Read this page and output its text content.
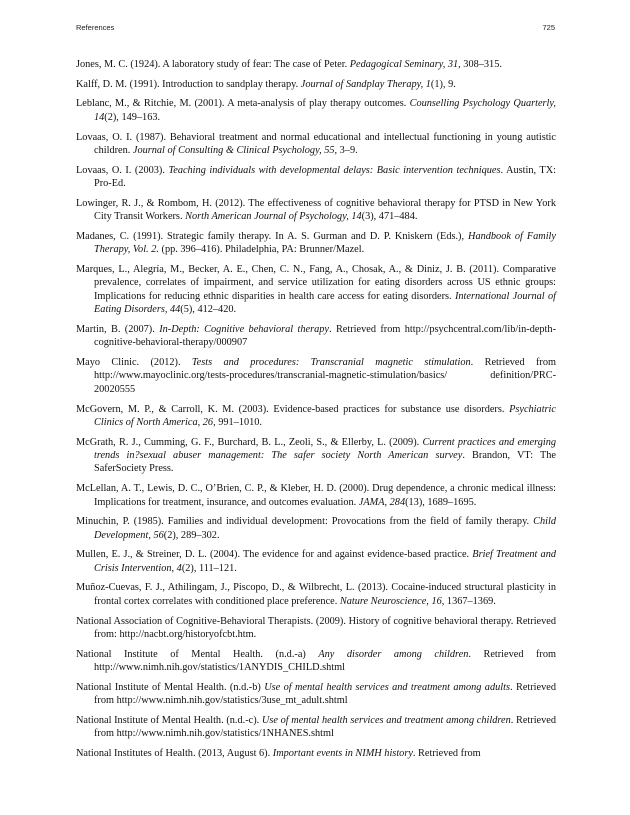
References	725

Jones, M. C. (1924). A laboratory study of fear: The case of Peter. Pedagogical Seminary, 31, 308–315.

Kalff, D. M. (1991). Introduction to sandplay therapy. Journal of Sandplay Therapy, 1(1), 9.

Leblanc, M., & Ritchie, M. (2001). A meta-analysis of play therapy outcomes. Counselling Psychology Quarterly, 14(2), 149–163.

Lovaas, O. I. (1987). Behavioral treatment and normal educational and intellectual functioning in young autistic children. Journal of Consulting & Clinical Psychology, 55, 3–9.

Lovaas, O. I. (2003). Teaching individuals with developmental delays: Basic intervention techniques. Austin, TX: Pro-Ed.

Lowinger, R. J., & Rombom, H. (2012). The effectiveness of cognitive behavioral therapy for PTSD in New York City Transit Workers. North American Journal of Psychology, 14(3), 471–484.

Madanes, C. (1991). Strategic family therapy. In A. S. Gurman and D. P. Kniskern (Eds.), Handbook of Family Therapy, Vol. 2. (pp. 396–416). Philadelphia, PA: Brunner/Mazel.

Marques, L., Alegría, M., Becker, A. E., Chen, C. N., Fang, A., Chosak, A., & Diniz, J. B. (2011). Comparative prevalence, correlates of impairment, and service utilization for eating disorders across US ethnic groups: Implications for reducing ethnic disparities in health care access for eating disorders. International Journal of Eating Disorders, 44(5), 412–420.

Martin, B. (2007). In-Depth: Cognitive behavioral therapy. Retrieved from http://psychcentral.com/lib/in-depth-cognitive-behavioral-therapy/000907

Mayo Clinic. (2012). Tests and procedures: Transcranial magnetic stimulation. Retrieved from http://www.mayoclinic.org/tests-procedures/transcranial-magnetic-stimulation/basics/ definition/PRC-20020555

McGovern, M. P., & Carroll, K. M. (2003). Evidence-based practices for substance use disorders. Psychiatric Clinics of North America, 26, 991–1010.

McGrath, R. J., Cumming, G. F., Burchard, B. L., Zeoli, S., & Ellerby, L. (2009). Current practices and emerging trends in?sexual abuser management: The safer society North American survey. Brandon, VT: The SaferSociety Press.

McLellan, A. T., Lewis, D. C., O’Brien, C. P., & Kleber, H. D. (2000). Drug dependence, a chronic medical illness: Implications for treatment, insurance, and outcomes evaluation. JAMA, 284(13), 1689–1695.

Minuchin, P. (1985). Families and individual development: Provocations from the field of family therapy. Child Development, 56(2), 289–302.

Mullen, E. J., & Streiner, D. L. (2004). The evidence for and against evidence-based practice. Brief Treatment and Crisis Intervention, 4(2), 111–121.

Muñoz-Cuevas, F. J., Athilingam, J., Piscopo, D., & Wilbrecht, L. (2013). Cocaine-induced structural plasticity in frontal cortex correlates with conditioned place preference. Nature Neuroscience, 16, 1367–1369.

National Association of Cognitive-Behavioral Therapists. (2009). History of cognitive behavioral therapy. Retrieved from: http://nacbt.org/historyofcbt.htm.

National Institute of Mental Health. (n.d.-a) Any disorder among children. Retrieved from http://www.nimh.nih.gov/statistics/1ANYDIS_CHILD.shtml

National Institute of Mental Health. (n.d.-b) Use of mental health services and treatment among adults. Retrieved from http://www.nimh.nih.gov/statistics/3use_mt_adult.shtml

National Institute of Mental Health. (n.d.-c). Use of mental health services and treatment among children. Retrieved from http://www.nimh.nih.gov/statistics/1NHANES.shtml

National Institutes of Health. (2013, August 6). Important events in NIMH history. Retrieved from
